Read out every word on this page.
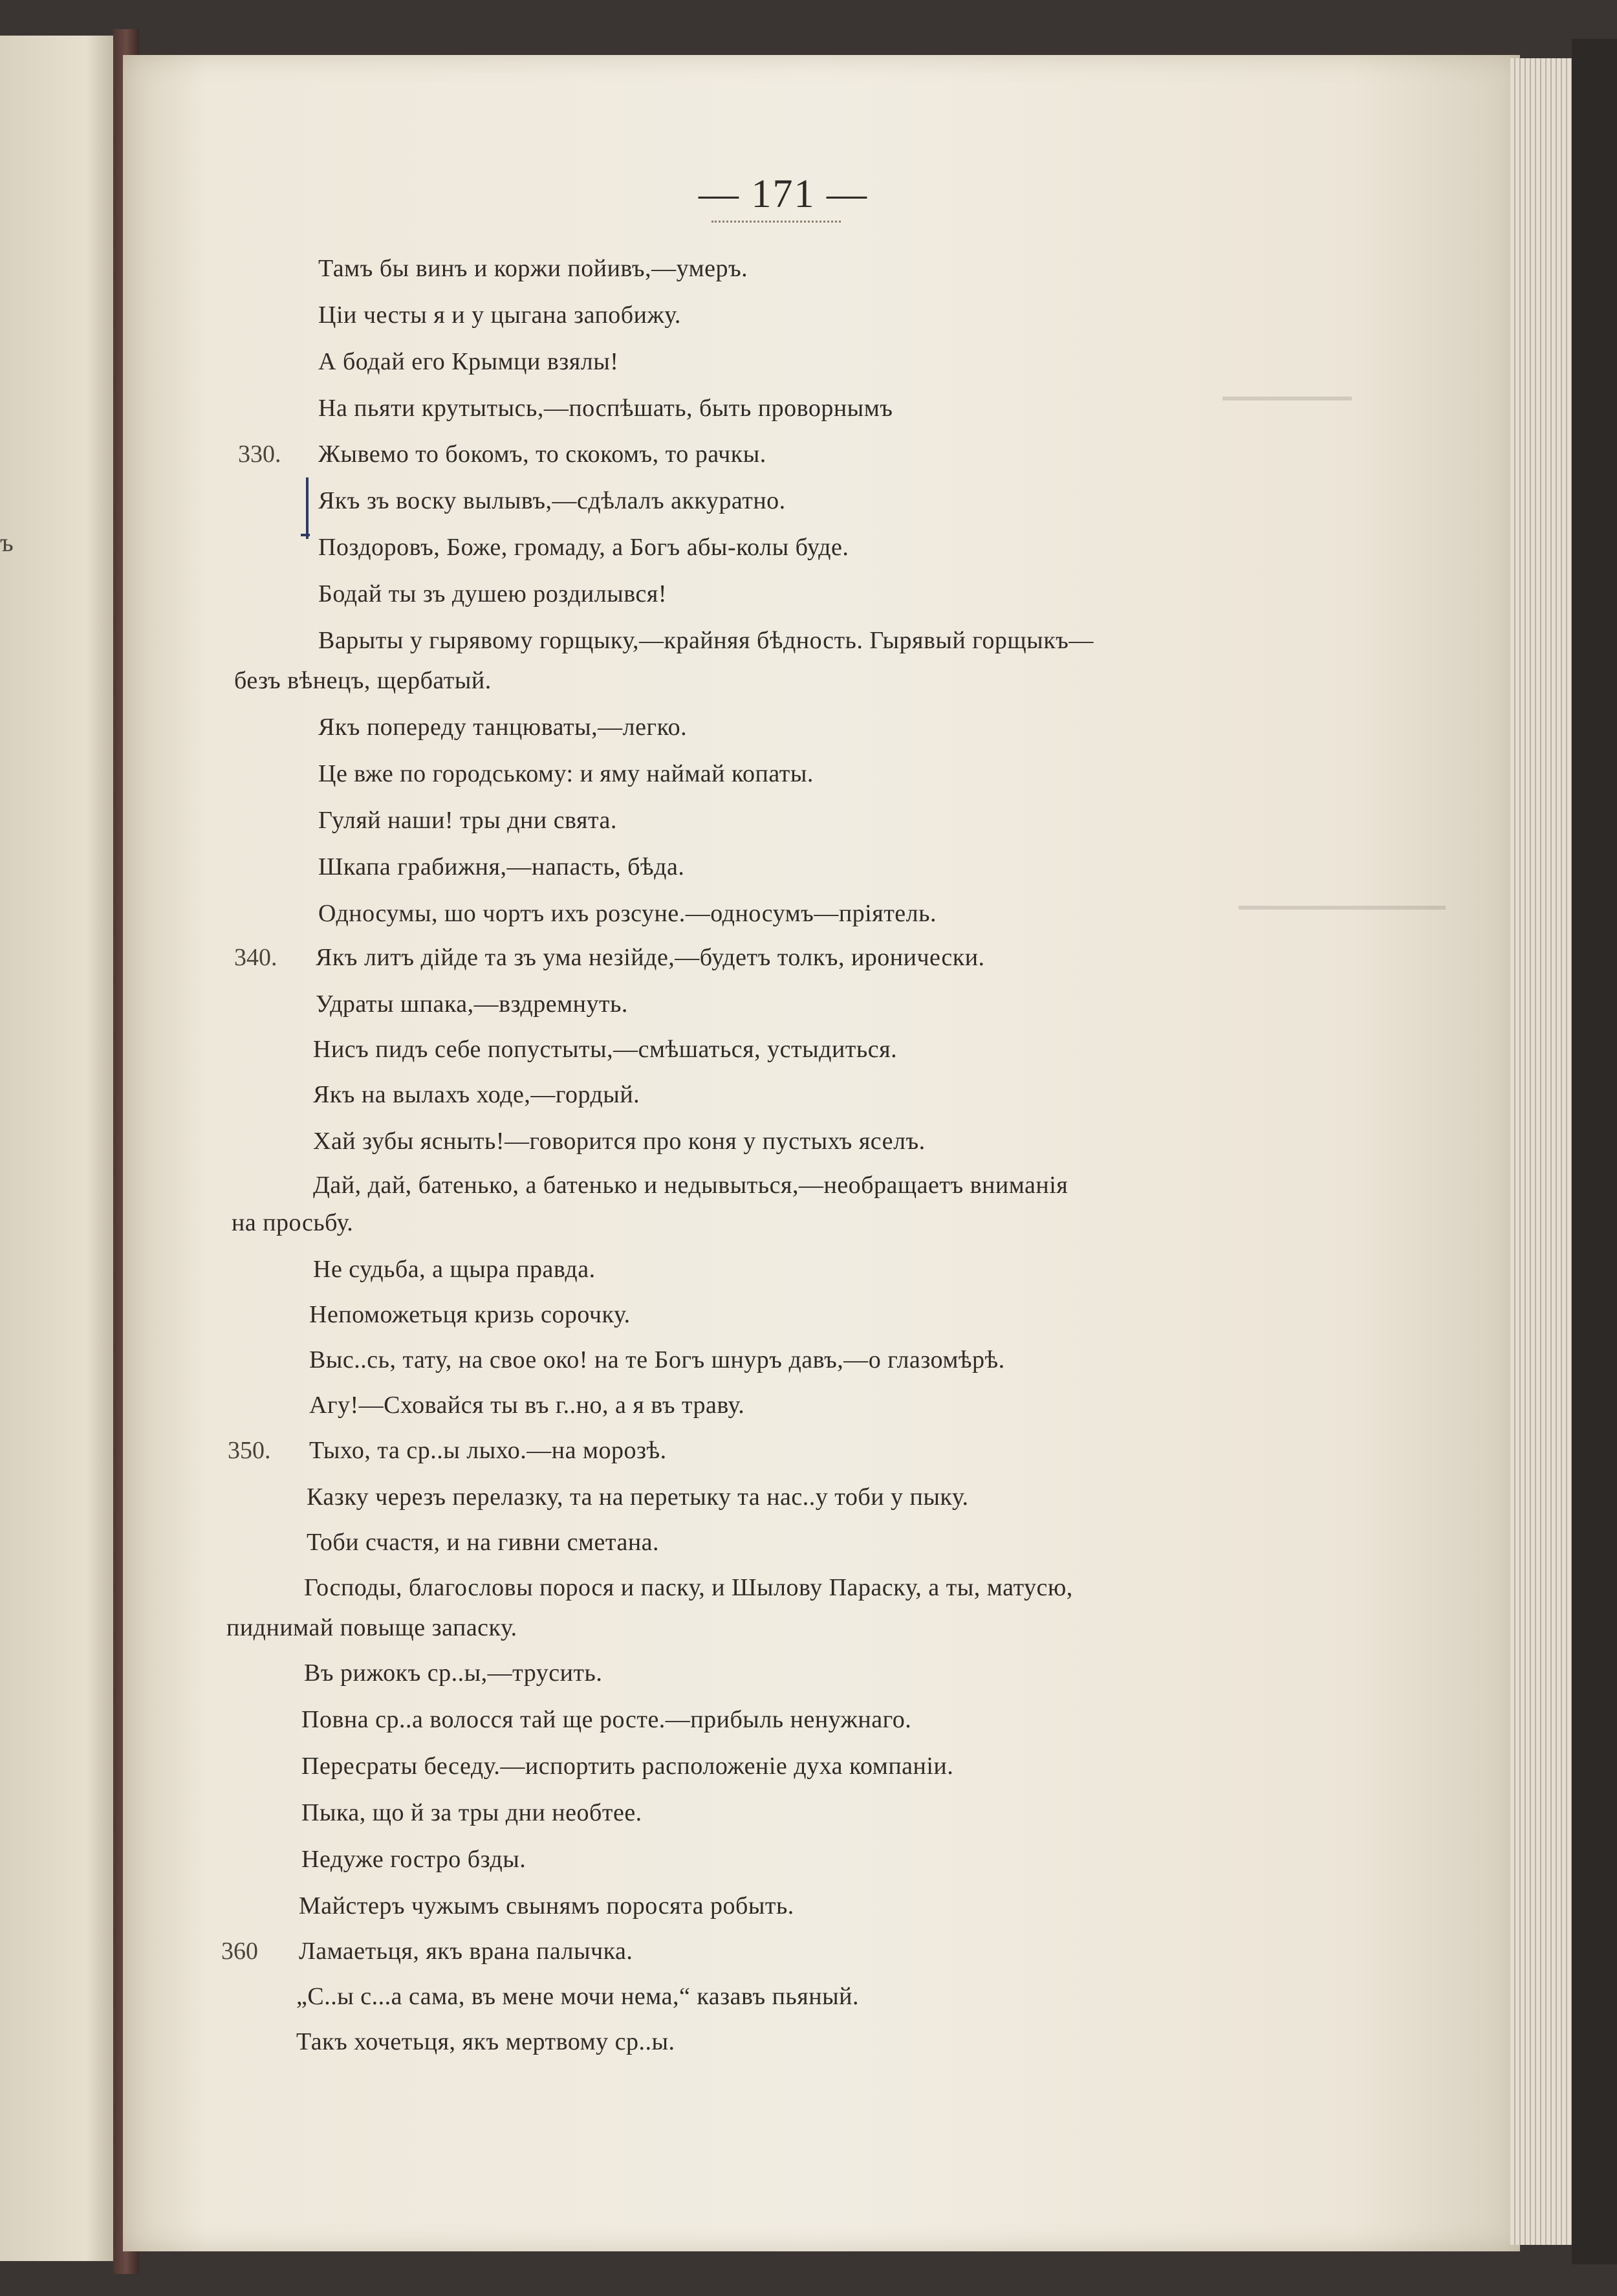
ъ
— 171 —
Тамъ бы винъ и коржи пойивъ,—умеръ.
Цiи честы я и у цыгана запобижу.
А бодай его Крымци взялы!
На пьяти крутытысь,—поспѣшать, быть проворнымъ
330. Жывемо то бокомъ, то скокомъ, то рачкы.
Якъ зъ воску вылывъ,—сдѣлалъ аккуратно.
Поздоровъ, Боже, громаду, а Богъ абы-колы буде.
Бодай ты зъ душею роздилывся!
Варыты у гырявому горщыку,—крайняя бѣдность. Гырявый горщыкъ—
безъ вѣнецъ, щербатый.
Якъ попереду танцюваты,—легко.
Це вже по городському: и яму наймай копаты.
Гуляй наши! тры дни свята.
Шкапа грабижня,—напасть, бѣда.
Односумы, шо чортъ ихъ розсуне.—односумъ—прiятель.
340. Якъ литъ дiйде та зъ ума незiйде,—будетъ толкъ, иронически.
Удраты шпака,—вздремнуть.
Нисъ пидъ себе попустыты,—смѣшаться, устыдиться.
Якъ на вылахъ ходе,—гордый.
Хай зубы ясныть!—говорится про коня у пустыхъ яселъ.
Дай, дай, батенько, а батенько и недывыться,—необращаетъ вниманiя
на просьбу.
Не судьба, а щыра правда.
Непоможетьця кризь сорочку.
Выс..сь, тату, на свое око! на те Богъ шнуръ давъ,—о глазомѣрѣ.
Агу!—Сховайся ты въ г..но, а я въ траву.
350. Тыхо, та ср..ы лыхо.—на морозѣ.
Казку черезъ перелазку, та на перетыку та нас..у тоби у пыку.
Тоби счастя, и на гивни сметана.
Господы, благословы порося и паску, и Шылову Параску, а ты, матусю,
пиднимай повыще запаску.
Въ рижокъ ср..ы,—трусить.
Повна ср..а волосся тай ще росте.—прибыль ненужнаго.
Пересраты беседу.—испортить расположенiе духа компанiи.
Пыка, що й за тры дни необтее.
Недуже гостро бзды.
Майстеръ чужымъ свынямъ поросята робыть.
360 Ламаетьця, якъ врана палычка.
„С..ы с...а сама, въ мене мочи нема,“ казавъ пьяный.
Такъ хочетьця, якъ мертвому ср..ы.
